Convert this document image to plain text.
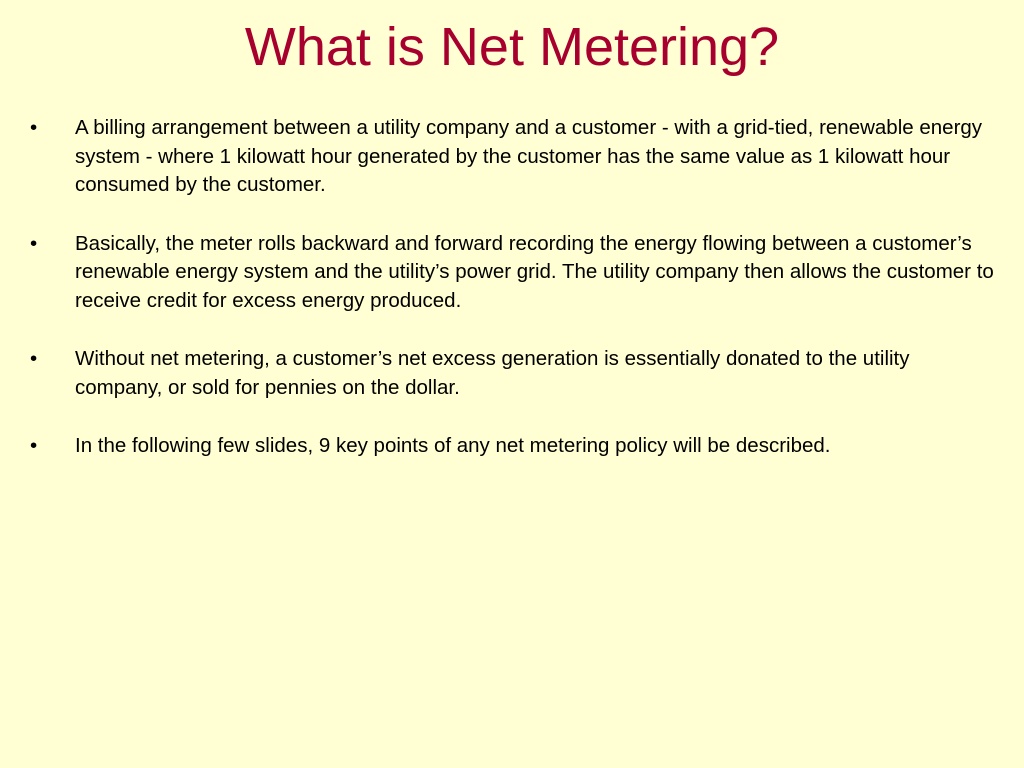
What is Net Metering?
•	A billing arrangement between a utility company and a customer - with a grid-tied, renewable energy system - where 1 kilowatt hour generated by the customer has the same value as 1 kilowatt hour consumed by the customer.
•	Basically, the meter rolls backward and forward recording the energy flowing between a customer’s renewable energy system and the utility’s power grid. The utility company then allows the customer to receive credit for excess energy produced.
•	Without net metering, a customer’s net excess generation is essentially donated to the utility company, or sold for pennies on the dollar.
•	In the following few slides, 9 key points of any net metering policy will be described.
